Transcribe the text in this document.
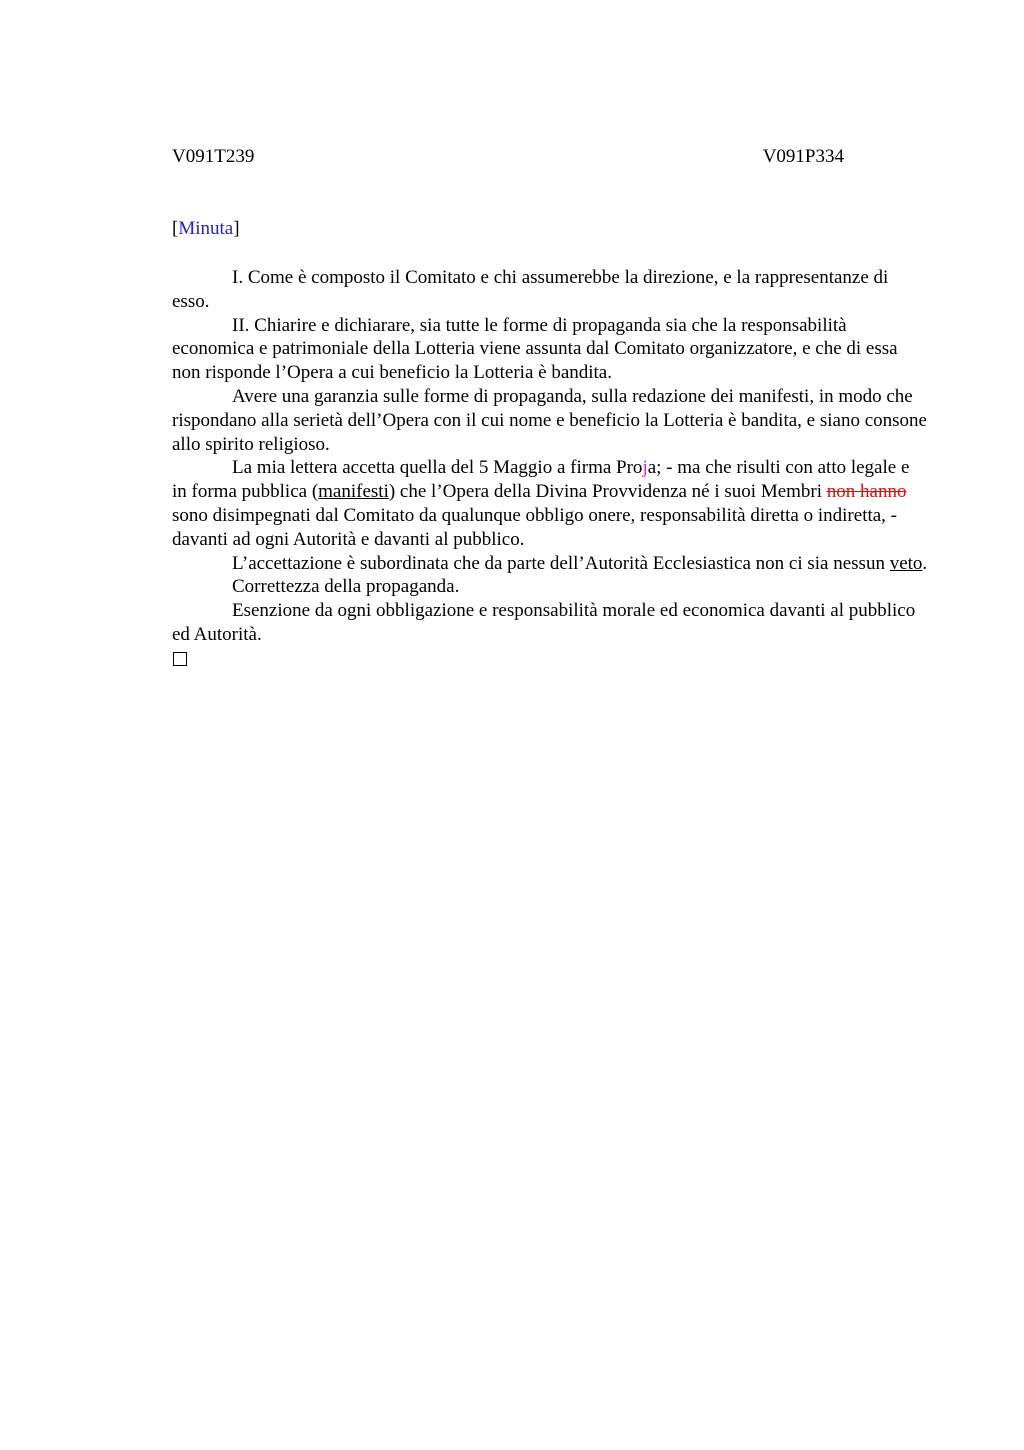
V091T239	V091P334
[Minuta]

I. Come è composto il Comitato e chi assumerebbe la direzione, e la rappresentanze di esso.

II. Chiarire e dichiarare, sia tutte le forme di propaganda sia che la responsabilità economica e patrimoniale della Lotteria viene assunta dal Comitato organizzatore, e che di essa non risponde l’Opera a cui beneficio la Lotteria è bandita.

Avere una garanzia sulle forme di propaganda, sulla redazione dei manifesti, in modo che rispondano alla serietà dell’Opera con il cui nome e beneficio la Lotteria è bandita, e siano consone allo spirito religioso.

La mia lettera accetta quella del 5 Maggio a firma Proja; - ma che risulti con atto legale e in forma pubblica (manifesti) che l’Opera della Divina Provvidenza né i suoi Membri non hanno sono disimpegnati dal Comitato da qualunque obbligo onere, responsabilità diretta o indiretta, - davanti ad ogni Autorità e davanti al pubblico.

L’accettazione è subordinata che da parte dell’Autorità Ecclesiastica non ci sia nessun veto.

Correttezza della propaganda.

Esenzione da ogni obbligazione e responsabilità morale ed economica davanti al pubblico ed Autorità.
